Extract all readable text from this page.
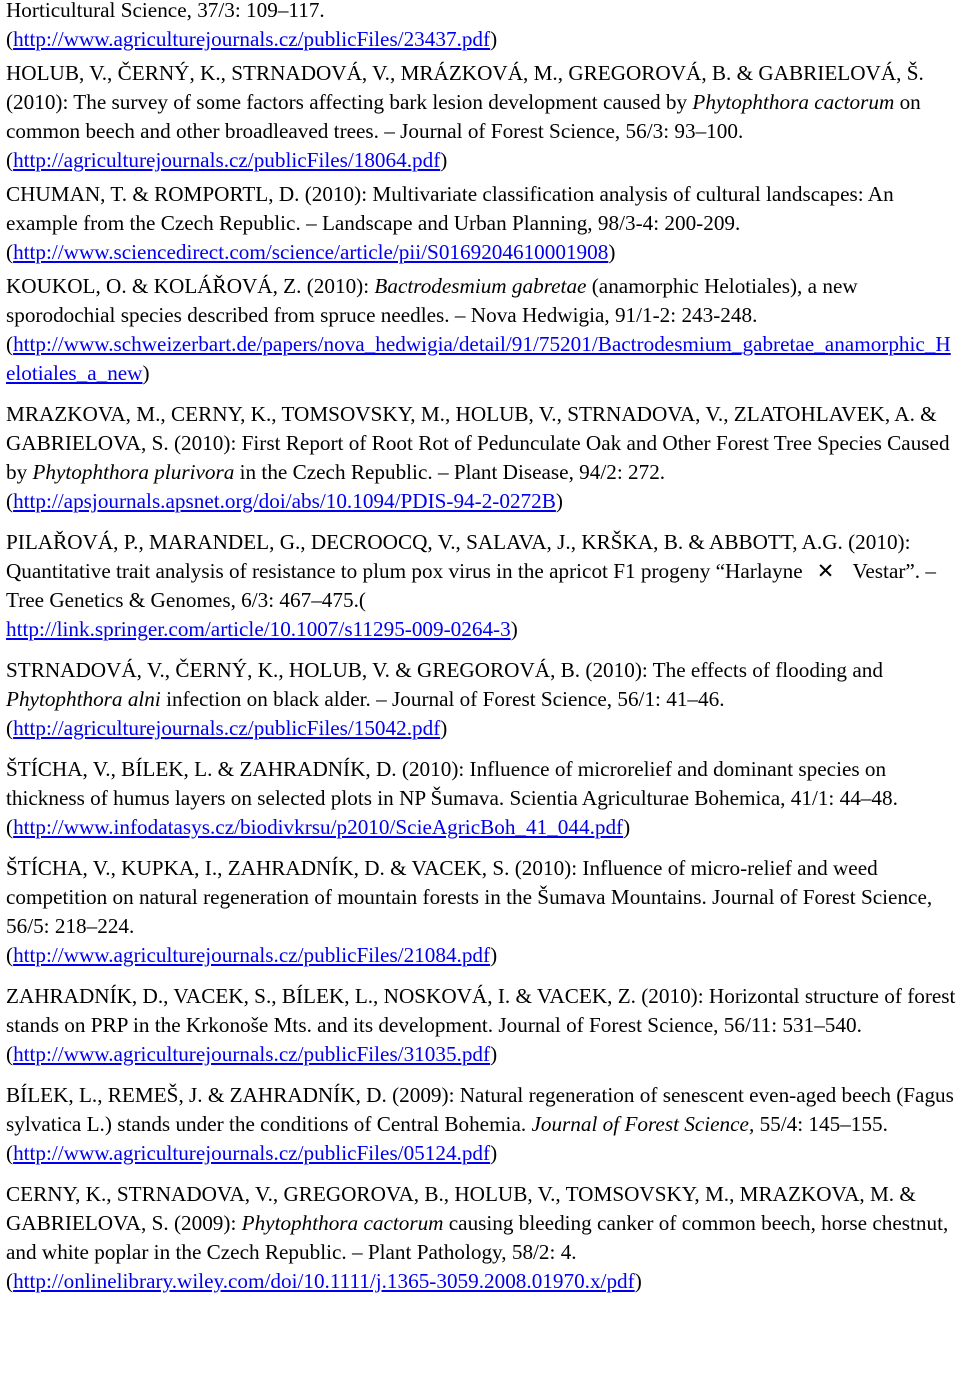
Horticultural Science, 37/3: 109–117.
(http://www.agriculturejournals.cz/publicFiles/23437.pdf)

HOLUB, V., ČERNÝ, K., STRNADOVÁ, V., MRÁZKOVÁ, M., GREGOROVÁ, B. & GABRIELOVÁ, Š. (2010): The survey of some factors affecting bark lesion development caused by Phytophthora cactorum on common beech and other broadleaved trees. – Journal of Forest Science, 56/3: 93–100. (http://agriculturejournals.cz/publicFiles/18064.pdf)

CHUMAN, T. & ROMPORTL, D. (2010): Multivariate classification analysis of cultural landscapes: An example from the Czech Republic. – Landscape and Urban Planning, 98/3-4: 200-209. (http://www.sciencedirect.com/science/article/pii/S0169204610001908)

KOUKOL, O. & KOLÁŘOVÁ, Z. (2010): Bactrodesmium gabretae (anamorphic Helotiales), a new sporodochial species described from spruce needles. – Nova Hedwigia, 91/1-2: 243-248.(http://www.schweizerbart.de/papers/nova_hedwigia/detail/91/75201/Bactrodesmium_gabretae_anamorphic_Helotiales_a_new)

MRAZKOVA, M., CERNY, K., TOMSOVSKY, M., HOLUB, V., STRNADOVA, V., ZLATOHLAVEK, A. & GABRIELOVA, S. (2010): First Report of Root Rot of Pedunculate Oak and Other Forest Tree Species Caused by Phytophthora plurivora in the Czech Republic. – Plant Disease, 94/2: 272. (http://apsjournals.apsnet.org/doi/abs/10.1094/PDIS-94-2-0272B)

PILAŘOVÁ, P., MARANDEL, G., DECROOCQ, V., SALAVA, J., KRŠKA, B. & ABBOTT, A.G. (2010): Quantitative trait analysis of resistance to plum pox virus in the apricot F1 progeny “Harlayne ✕ Vestar”. – Tree Genetics & Genomes, 6/3: 467–475.(
http://link.springer.com/article/10.1007/s11295-009-0264-3)

STRNADOVÁ, V., ČERNÝ, K., HOLUB, V. & GREGOROVÁ, B. (2010): The effects of flooding and Phytophthora alni infection on black alder. – Journal of Forest Science, 56/1: 41–46. (http://agriculturejournals.cz/publicFiles/15042.pdf)

ŠTÍCHA, V., BÍLEK, L. & ZAHRADNÍK, D. (2010): Influence of microrelief and dominant species on thickness of humus layers on selected plots in NP Šumava. Scientia Agriculturae Bohemica, 41/1: 44–48.
(http://www.infodatasys.cz/biodivkrsu/p2010/ScieAgricBoh_41_044.pdf)

ŠTÍCHA, V., KUPKA, I., ZAHRADNÍK, D. & VACEK, S. (2010): Influence of micro-relief and weed competition on natural regeneration of mountain forests in the Šumava Mountains. Journal of Forest Science, 56/5: 218–224.
(http://www.agriculturejournals.cz/publicFiles/21084.pdf)

ZAHRADNÍK, D., VACEK, S., BÍLEK, L., NOSKOVÁ, I. & VACEK, Z. (2010): Horizontal structure of forest stands on PRP in the Krkonoše Mts. and its development. Journal of Forest Science, 56/11: 531–540. (http://www.agriculturejournals.cz/publicFiles/31035.pdf)

BÍLEK, L., REMEŠ, J. & ZAHRADNÍK, D. (2009): Natural regeneration of senescent even-aged beech (Fagus sylvatica L.) stands under the conditions of Central Bohemia. Journal of Forest Science, 55/4: 145–155. (http://www.agriculturejournals.cz/publicFiles/05124.pdf)

CERNY, K., STRNADOVA, V., GREGOROVA, B., HOLUB, V., TOMSOVSKY, M., MRAZKOVA, M. & GABRIELOVA, S. (2009): Phytophthora cactorum causing bleeding canker of common beech, horse chestnut, and white poplar in the Czech Republic. – Plant Pathology, 58/2: 4. (http://onlinelibrary.wiley.com/doi/10.1111/j.1365-3059.2008.01970.x/pdf)
